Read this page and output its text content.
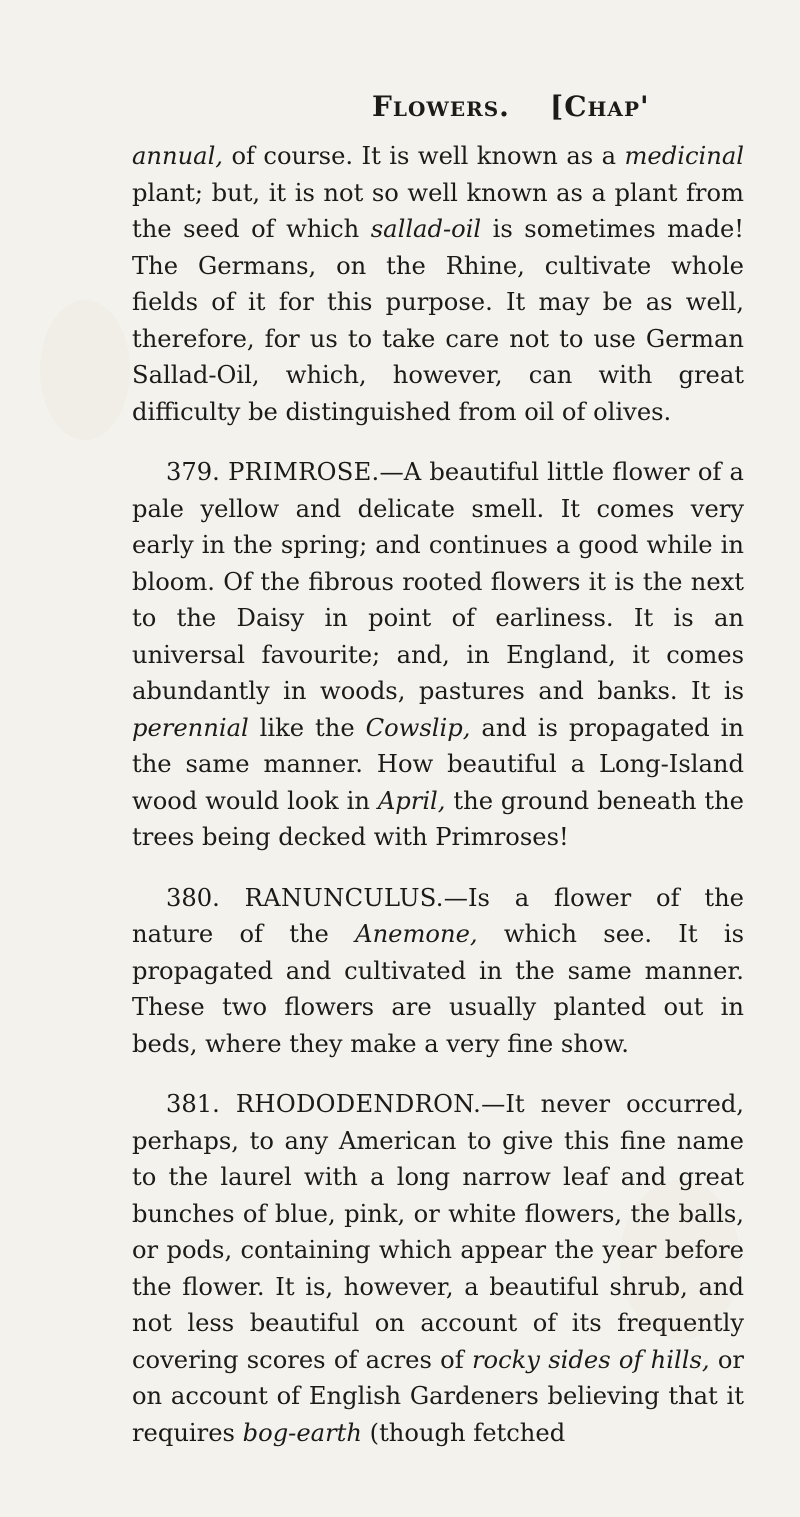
Flowers. [Chap'

annual, of course. It is well known as a medicinal plant; but, it is not so well known as a plant from the seed of which sallad-oil is sometimes made! The Germans, on the Rhine, cultivate whole fields of it for this purpose. It may be as well, therefore, for us to take care not to use German Sallad-Oil, which, however, can with great difficulty be distinguished from oil of olives.

379. PRIMROSE.—A beautiful little flower of a pale yellow and delicate smell. It comes very early in the spring; and continues a good while in bloom. Of the fibrous rooted flowers it is the next to the Daisy in point of earliness. It is an universal favourite; and, in England, it comes abundantly in woods, pastures and banks. It is perennial like the Cowslip, and is propagated in the same manner. How beautiful a Long-Island wood would look in April, the ground beneath the trees being decked with Primroses!

380. RANUNCULUS.—Is a flower of the nature of the Anemone, which see. It is propagated and cultivated in the same manner. These two flowers are usually planted out in beds, where they make a very fine show.

381. RHODODENDRON.—It never occurred, perhaps, to any American to give this fine name to the laurel with a long narrow leaf and great bunches of blue, pink, or white flowers, the balls, or pods, containing which appear the year before the flower. It is, however, a beautiful shrub, and not less beautiful on account of its frequently covering scores of acres of rocky sides of hills, or on account of English Gardeners believing that it requires bog-earth (though fetched
